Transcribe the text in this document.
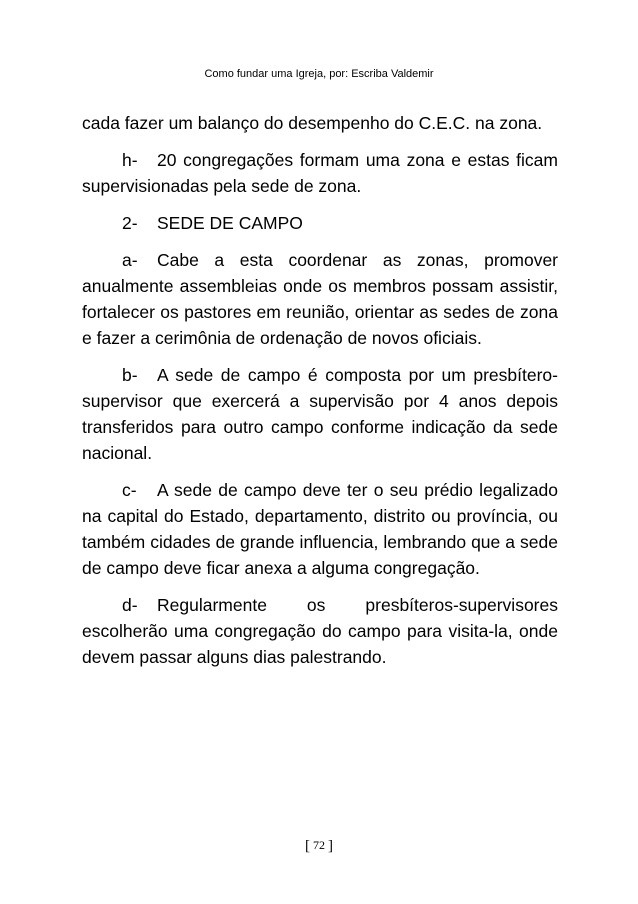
Como fundar uma Igreja, por: Escriba Valdemir

cada fazer um balanço do desempenho do C.E.C. na zona.

h- 20 congregações formam uma zona e estas ficam supervisionadas pela sede de zona.

2- SEDE DE CAMPO

a- Cabe a esta coordenar as zonas, promover anualmente assembleias onde os membros possam assistir, fortalecer os pastores em reunião, orientar as sedes de zona e fazer a cerimônia de ordenação de novos oficiais.

b- A sede de campo é composta por um presbítero-supervisor que exercerá a supervisão por 4 anos depois transferidos para outro campo conforme indicação da sede nacional.

c- A sede de campo deve ter o seu prédio legalizado na capital do Estado, departamento, distrito ou província, ou também cidades de grande influencia, lembrando que a sede de campo deve ficar anexa a alguma congregação.

d- Regularmente os presbíteros-supervisores escolherão uma congregação do campo para visita-la, onde devem passar alguns dias palestrando.

[ 72 ]
